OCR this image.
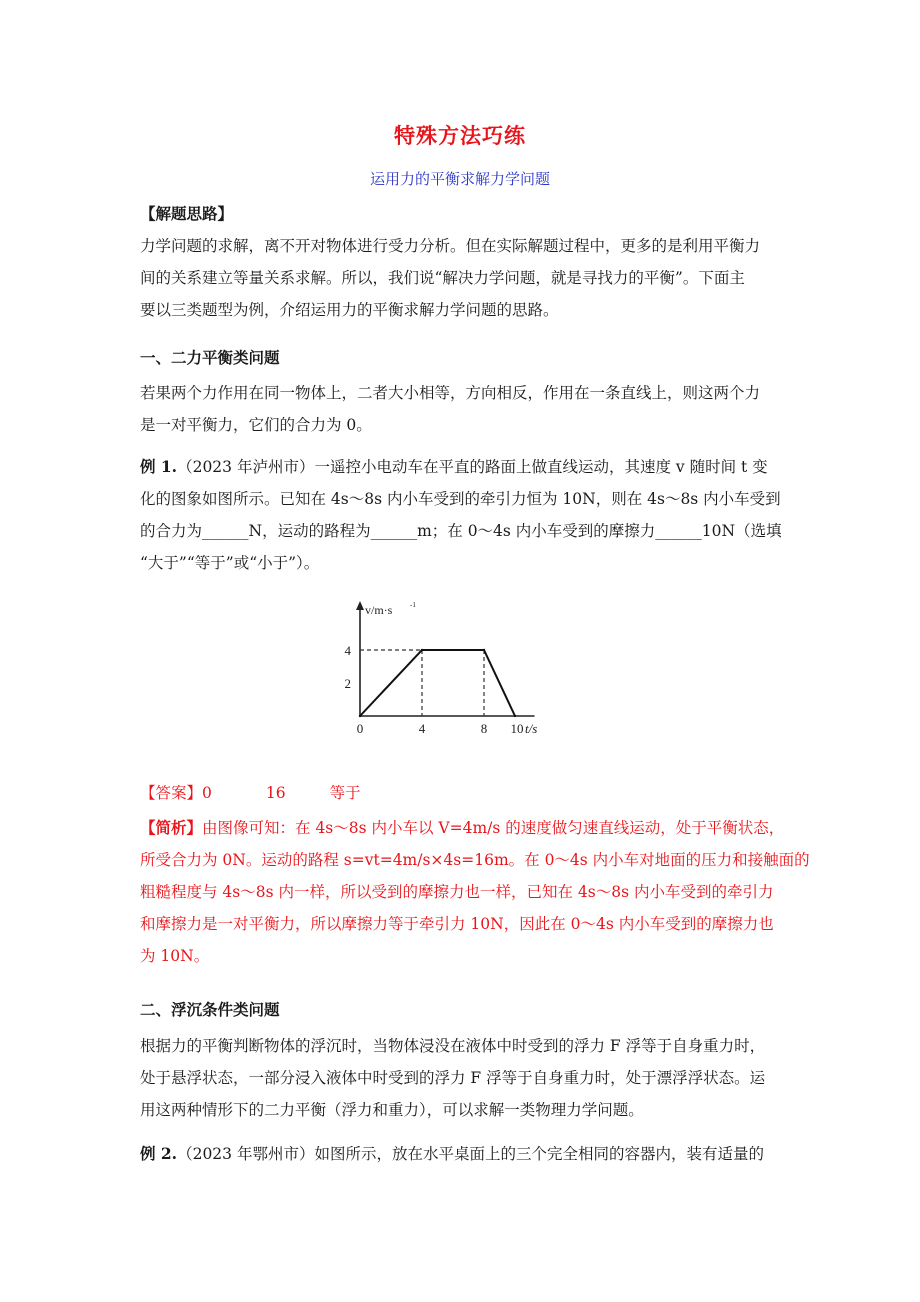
特殊方法巧练
运用力的平衡求解力学问题
【解题思路】
力学问题的求解，离不开对物体进行受力分析。但在实际解题过程中，更多的是利用平衡力
间的关系建立等量关系求解。所以，我们说“解决力学问题，就是寻找力的平衡”。下面主
要以三类题型为例，介绍运用力的平衡求解力学问题的思路。
一、二力平衡类问题
若果两个力作用在同一物体上，二者大小相等，方向相反，作用在一条直线上，则这两个力
是一对平衡力，它们的合力为 0。
例 1.（2023 年泸州市）一遥控小电动车在平直的路面上做直线运动，其速度 v 随时间 t 变
化的图象如图所示。已知在 4s～8s 内小车受到的牵引力恒为 10N，则在 4s～8s 内小车受到
的合力为______N，运动的路程为______m；在 0～4s 内小车受到的摩擦力______10N（选填
“大于”“等于”或“小于”）。
v/m·s	-1
2
4
0	4	8 10 t/s
【答案】0	16	等于
【简析】由图像可知：在 4s～8s 内小车以 V=4m/s 的速度做匀速直线运动，处于平衡状态，
所受合力为 0N。运动的路程 s=vt=4m/s×4s=16m。在 0～4s 内小车对地面的压力和接触面的
粗糙程度与 4s～8s 内一样，所以受到的摩擦力也一样，已知在 4s～8s 内小车受到的牵引力
和摩擦力是一对平衡力，所以摩擦力等于牵引力 10N，因此在 0～4s 内小车受到的摩擦力也
为 10N。
二、浮沉条件类问题
根据力的平衡判断物体的浮沉时，当物体浸没在液体中时受到的浮力 F 浮等于自身重力时，
处于悬浮状态，一部分浸入液体中时受到的浮力 F 浮等于自身重力时，处于漂浮浮状态。运
用这两种情形下的二力平衡（浮力和重力），可以求解一类物理力学问题。
例 2.（2023 年鄂州市）如图所示，放在水平桌面上的三个完全相同的容器内，装有适量的
